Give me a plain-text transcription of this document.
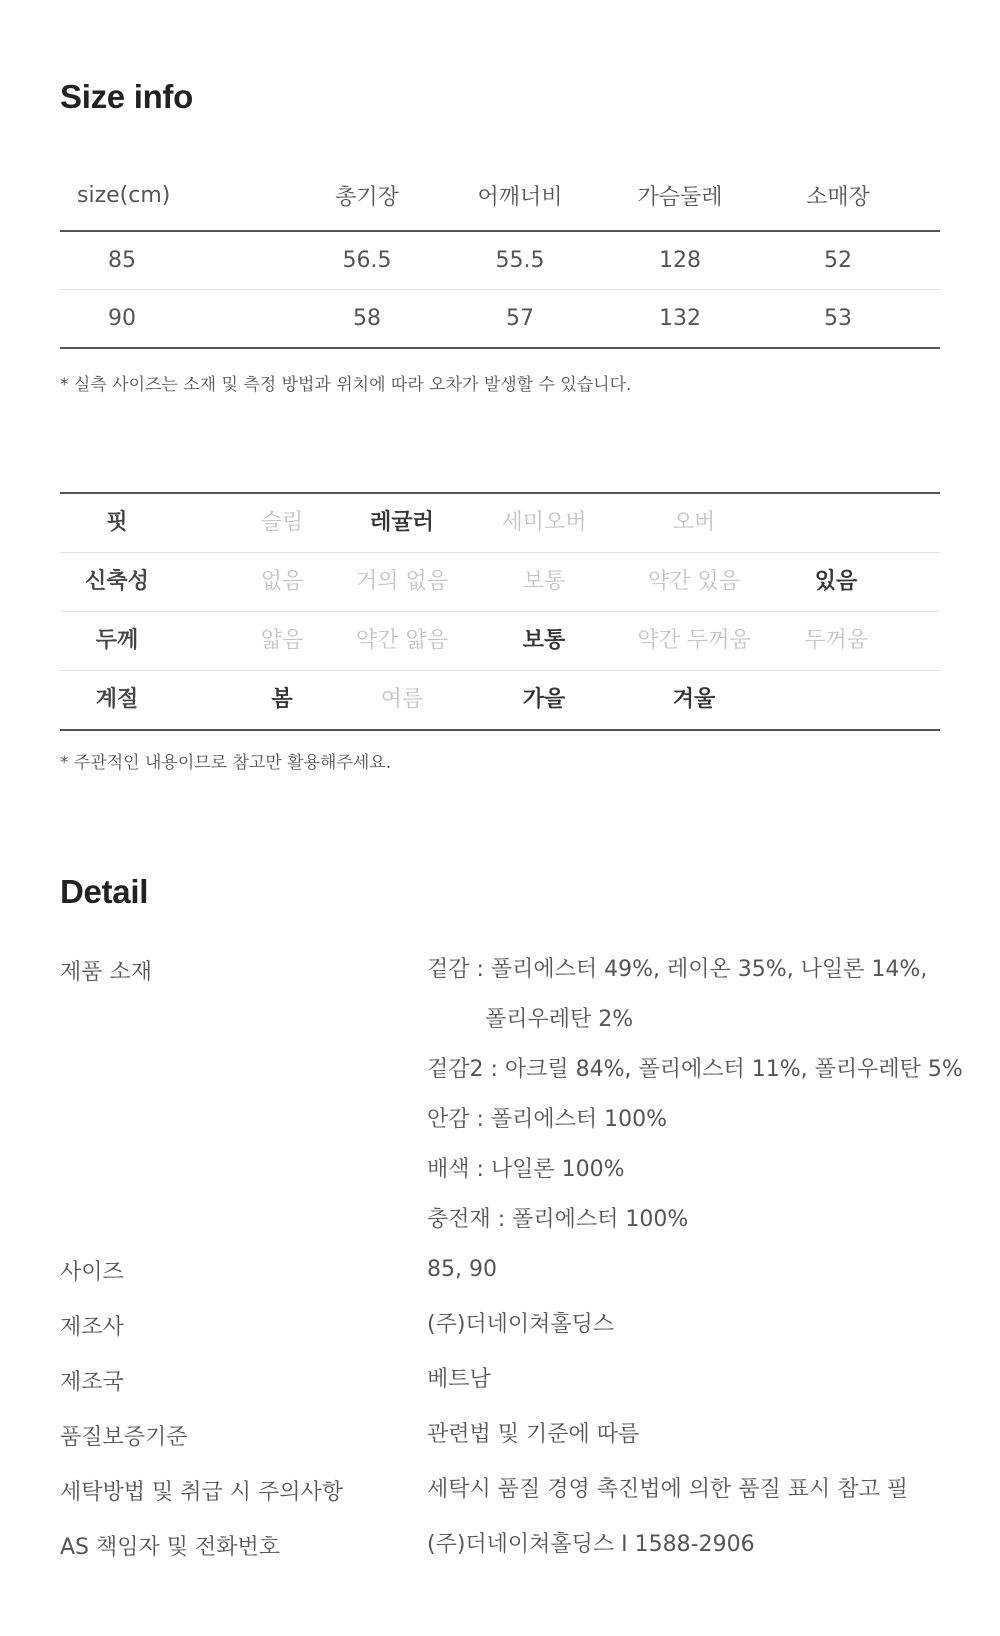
Size info
size(cm)	총기장	어깨너비	가슴둘레	소매장
85	56.5	55.5	128	52
90	58	57	132	53

* 실측 사이즈는 소재 및 측정 방법과 위치에 따라 오차가 발생할 수 있습니다.

핏	슬림	레귤러	세미오버	오버
신축성	없음	거의 없음	보통	약간 있음	있음
두께	얇음	약간 얇음	보통	약간 두꺼움	두꺼움
계절	봄	여름	가을	겨울

* 주관적인 내용이므로 참고만 활용해주세요.

Detail
제품 소재	겉감 : 폴리에스터 49%, 레이온 35%, 나일론 14%,
폴리우레탄 2%
겉감2 : 아크릴 84%, 폴리에스터 11%, 폴리우레탄 5%
안감 : 폴리에스터 100%
배색 : 나일론 100%
충전재 : 폴리에스터 100%
사이즈	85, 90
제조사	(주)더네이쳐홀딩스
제조국	베트남
품질보증기준	관련법 및 기준에 따름
세탁방법 및 취급 시 주의사항	세탁시 품질 경영 촉진법에 의한 품질 표시 참고 필
AS 책임자 및 전화번호	(주)더네이쳐홀딩스 I 1588-2906
